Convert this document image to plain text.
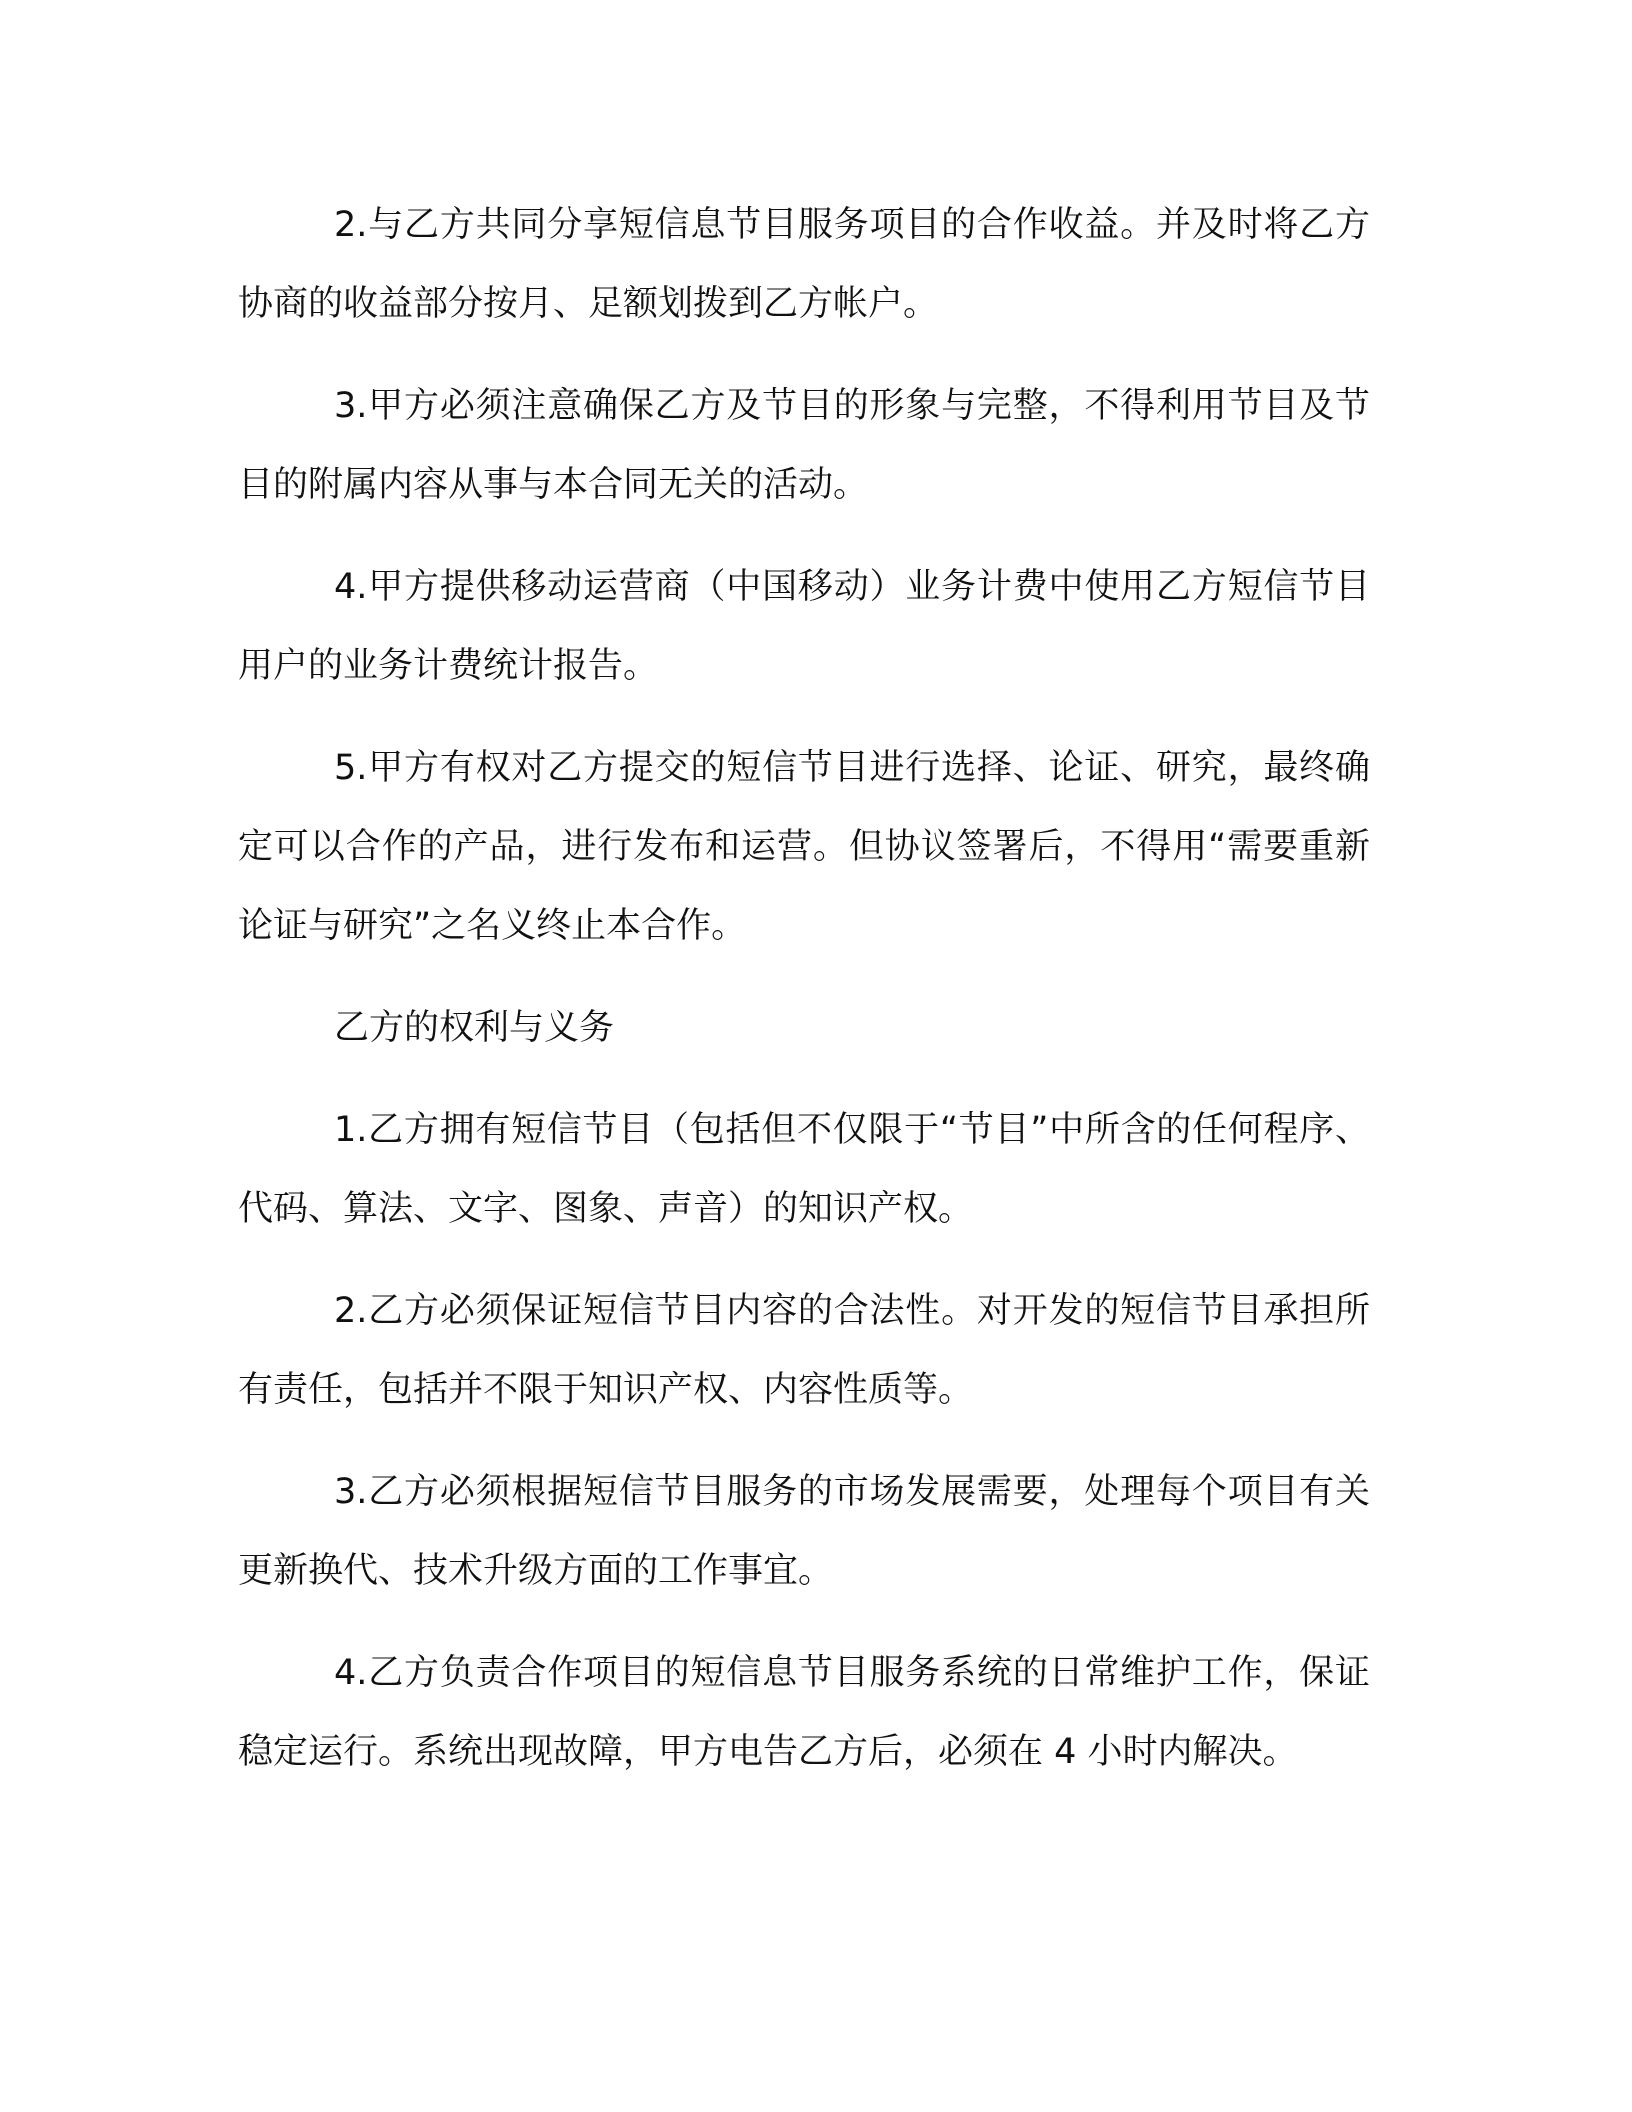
2.与乙方共同分享短信息节目服务项目的合作收益。并及时将乙方协商的收益部分按月、足额划拨到乙方帐户。

3.甲方必须注意确保乙方及节目的形象与完整，不得利用节目及节目的附属内容从事与本合同无关的活动。

4.甲方提供移动运营商（中国移动）业务计费中使用乙方短信节目用户的业务计费统计报告。

5.甲方有权对乙方提交的短信节目进行选择、论证、研究，最终确定可以合作的产品，进行发布和运营。但协议签署后，不得用“需要重新论证与研究”之名义终止本合作。

乙方的权利与义务

1.乙方拥有短信节目（包括但不仅限于“节目”中所含的任何程序、代码、算法、文字、图象、声音）的知识产权。

2.乙方必须保证短信节目内容的合法性。对开发的短信节目承担所有责任，包括并不限于知识产权、内容性质等。

3.乙方必须根据短信节目服务的市场发展需要，处理每个项目有关更新换代、技术升级方面的工作事宜。

4.乙方负责合作项目的短信息节目服务系统的日常维护工作，保证稳定运行。系统出现故障，甲方电告乙方后，必须在 4 小时内解决。
